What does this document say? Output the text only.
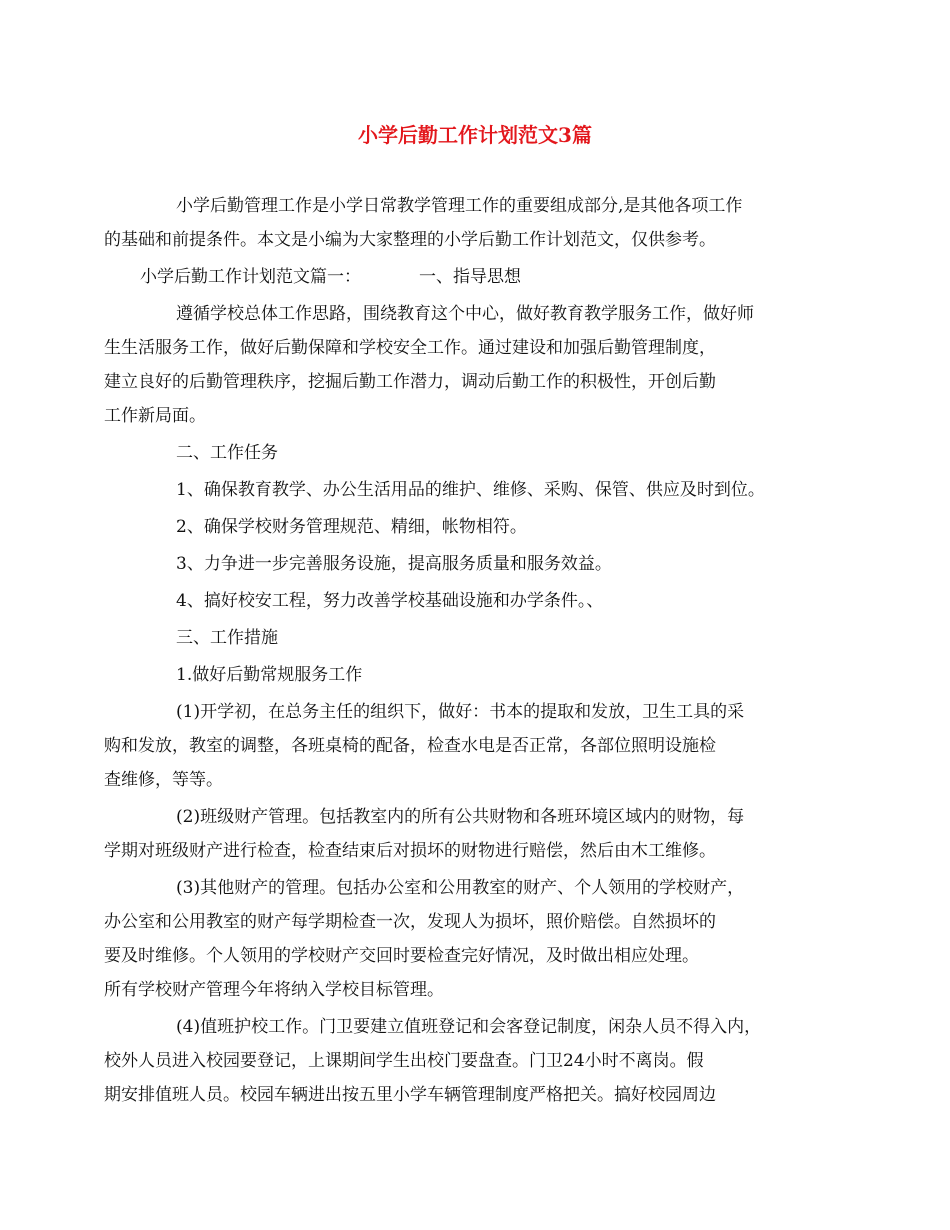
小学后勤工作计划范文3篇
小学后勤管理工作是小学日常教学管理工作的重要组成部分,是其他各项工作
的基础和前提条件。本文是小编为大家整理的小学后勤工作计划范文，仅供参考。
小学后勤工作计划范文篇一：	一、指导思想
遵循学校总体工作思路，围绕教育这个中心，做好教育教学服务工作，做好师
生生活服务工作，做好后勤保障和学校安全工作。通过建设和加强后勤管理制度，
建立良好的后勤管理秩序，挖掘后勤工作潜力，调动后勤工作的积极性，开创后勤
工作新局面。
二、工作任务
1、确保教育教学、办公生活用品的维护、维修、采购、保管、供应及时到位。
2、确保学校财务管理规范、精细，帐物相符。
3、力争进一步完善服务设施，提高服务质量和服务效益。
4、搞好校安工程，努力改善学校基础设施和办学条件。、
三、工作措施
1.做好后勤常规服务工作
(1)开学初，在总务主任的组织下，做好：书本的提取和发放，卫生工具的采
购和发放，教室的调整，各班桌椅的配备，检查水电是否正常，各部位照明设施检
查维修，等等。
(2)班级财产管理。包括教室内的所有公共财物和各班环境区域内的财物，每
学期对班级财产进行检查，检查结束后对损坏的财物进行赔偿，然后由木工维修。
(3)其他财产的管理。包括办公室和公用教室的财产、个人领用的学校财产，
办公室和公用教室的财产每学期检查一次，发现人为损坏，照价赔偿。自然损坏的
要及时维修。个人领用的学校财产交回时要检查完好情况，及时做出相应处理。
所有学校财产管理今年将纳入学校目标管理。
(4)值班护校工作。门卫要建立值班登记和会客登记制度，闲杂人员不得入内，
校外人员进入校园要登记，上课期间学生出校门要盘查。门卫24小时不离岗。假
期安排值班人员。校园车辆进出按五里小学车辆管理制度严格把关。搞好校园周边
